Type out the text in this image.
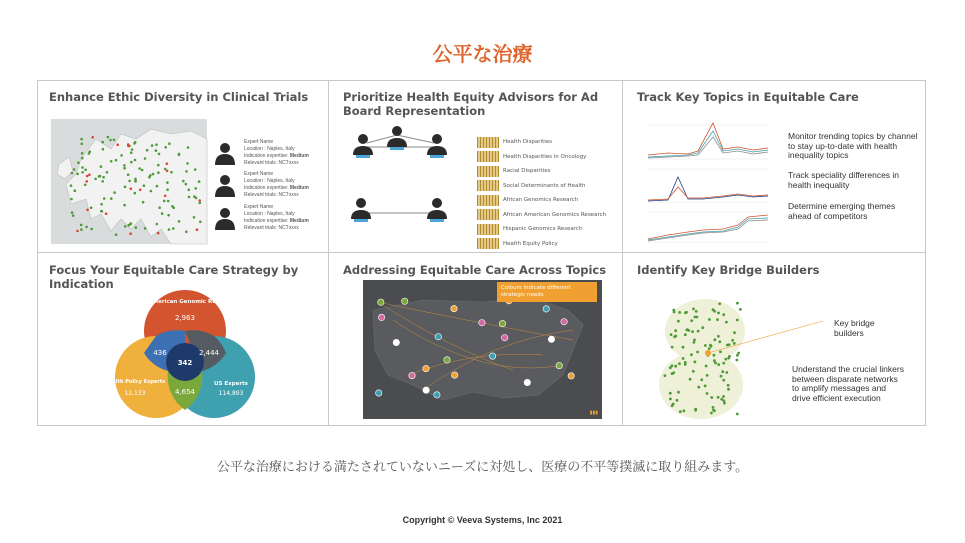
公平な治療
Enhance Ethic Diversity in Clinical Trials
Expert Name
Location : Naples, Italy
Indication expertise: Medium
Relevant trials: NCTxxxx
Expert Name
Location : Naples, Italy
Indication expertise: Medium
Relevant trials: NCTxxxx
Expert Name
Location : Naples, Italy
Indication expertise: Medium
Relevant trials: NCTxxxx
Prioritize Health Equity Advisors for Ad Board Representation
Health Disparities
Health Disparities in Oncology
Racial Disparities
Social Determinants of Health
African Genomics Research
African American Genomics Research
Hispanic Genomics Research
Health Equity Policy
Track Key Topics in Equitable Care
Monitor trending topics by channel to stay up-to-date with health inequality topics
Track speciality differences in health inequality
Determine emerging themes ahead of competitors
Focus Your Equitable Care Strategy by Indication
African-American Genomic Researchers
2,963
Health Policy Experts
12,133
US Experts
114,893
436	2,444
4,654
342
Addressing Equitable Care Across Topics
Colours indicate different strategic needs
▮▮▮
Identify Key Bridge Builders
Key bridge builders
Understand the crucial linkers between disparate networks to amplify messages and drive efficient execution
公平な治療における満たされていないニーズに対処し、医療の不平等撲滅に取り組みます。
Copyright © Veeva Systems, Inc 2021
